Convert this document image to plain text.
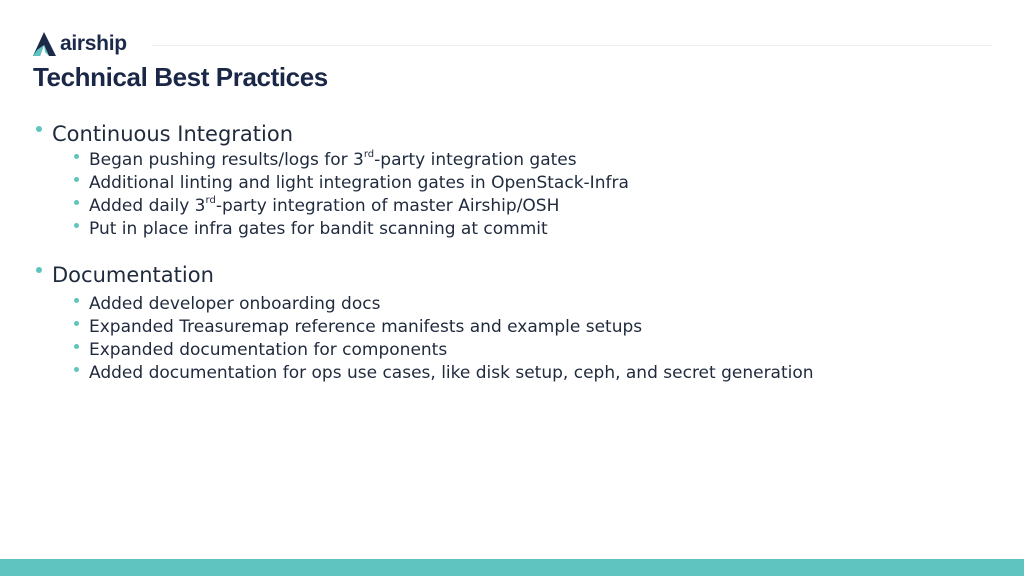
airship
Technical Best Practices
Continuous Integration
Began pushing results/logs for 3rd-party integration gates
Additional linting and light integration gates in OpenStack-Infra
Added daily 3rd-party integration of master Airship/OSH
Put in place infra gates for bandit scanning at commit
Documentation
Added developer onboarding docs
Expanded Treasuremap reference manifests and example setups
Expanded documentation for components
Added documentation for ops use cases, like disk setup, ceph, and secret generation
